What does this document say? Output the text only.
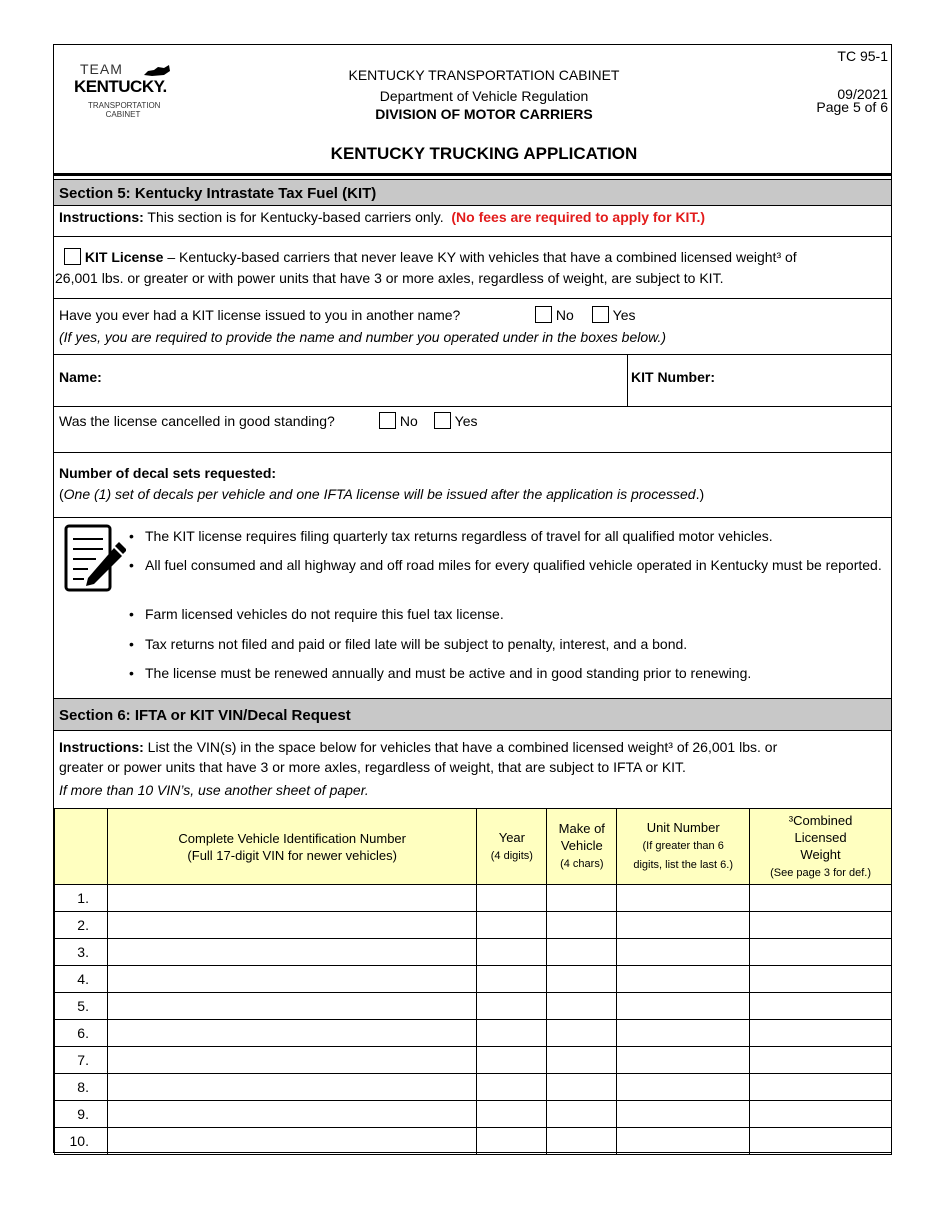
TEAM
KENTUCKY.
TRANSPORTATION
CABINET
KENTUCKY TRANSPORTATION CABINET
Department of Vehicle Regulation
DIVISION OF MOTOR CARRIERS
KENTUCKY TRUCKING APPLICATION
TC 95-1
09/2021
Page 5 of 6
Section 5: Kentucky Intrastate Tax Fuel (KIT)
Instructions: This section is for Kentucky-based carriers only. (No fees are required to apply for KIT.)
KIT License – Kentucky-based carriers that never leave KY with vehicles that have a combined licensed weight³ of
26,001 lbs. or greater or with power units that have 3 or more axles, regardless of weight, are subject to KIT.
Have you ever had a KIT license issued to you in another name?	No	Yes
(If yes, you are required to provide the name and number you operated under in the boxes below.)
Name:	KIT Number:
Was the license cancelled in good standing?	No	Yes
Number of decal sets requested:
(One (1) set of decals per vehicle and one IFTA license will be issued after the application is processed.)
• The KIT license requires filing quarterly tax returns regardless of travel for all qualified motor vehicles.
• All fuel consumed and all highway and off road miles for every qualified vehicle operated in Kentucky must be reported.
• Farm licensed vehicles do not require this fuel tax license.
• Tax returns not filed and paid or filed late will be subject to penalty, interest, and a bond.
• The license must be renewed annually and must be active and in good standing prior to renewing.
Section 6: IFTA or KIT VIN/Decal Request
Instructions: List the VIN(s) in the space below for vehicles that have a combined licensed weight³ of 26,001 lbs. or
greater or power units that have 3 or more axles, regardless of weight, that are subject to IFTA or KIT.
If more than 10 VIN’s, use another sheet of paper.
	Complete Vehicle Identification Number
(Full 17-digit VIN for newer vehicles)	Year
(4 digits)	Make of
Vehicle
(4 chars)	Unit Number
(If greater than 6
digits, list the last 6.)	³Combined
Licensed
Weight
(See page 3 for def.)
1.					
2.					
3.					
4.					
5.					
6.					
7.					
8.					
9.					
10.					
